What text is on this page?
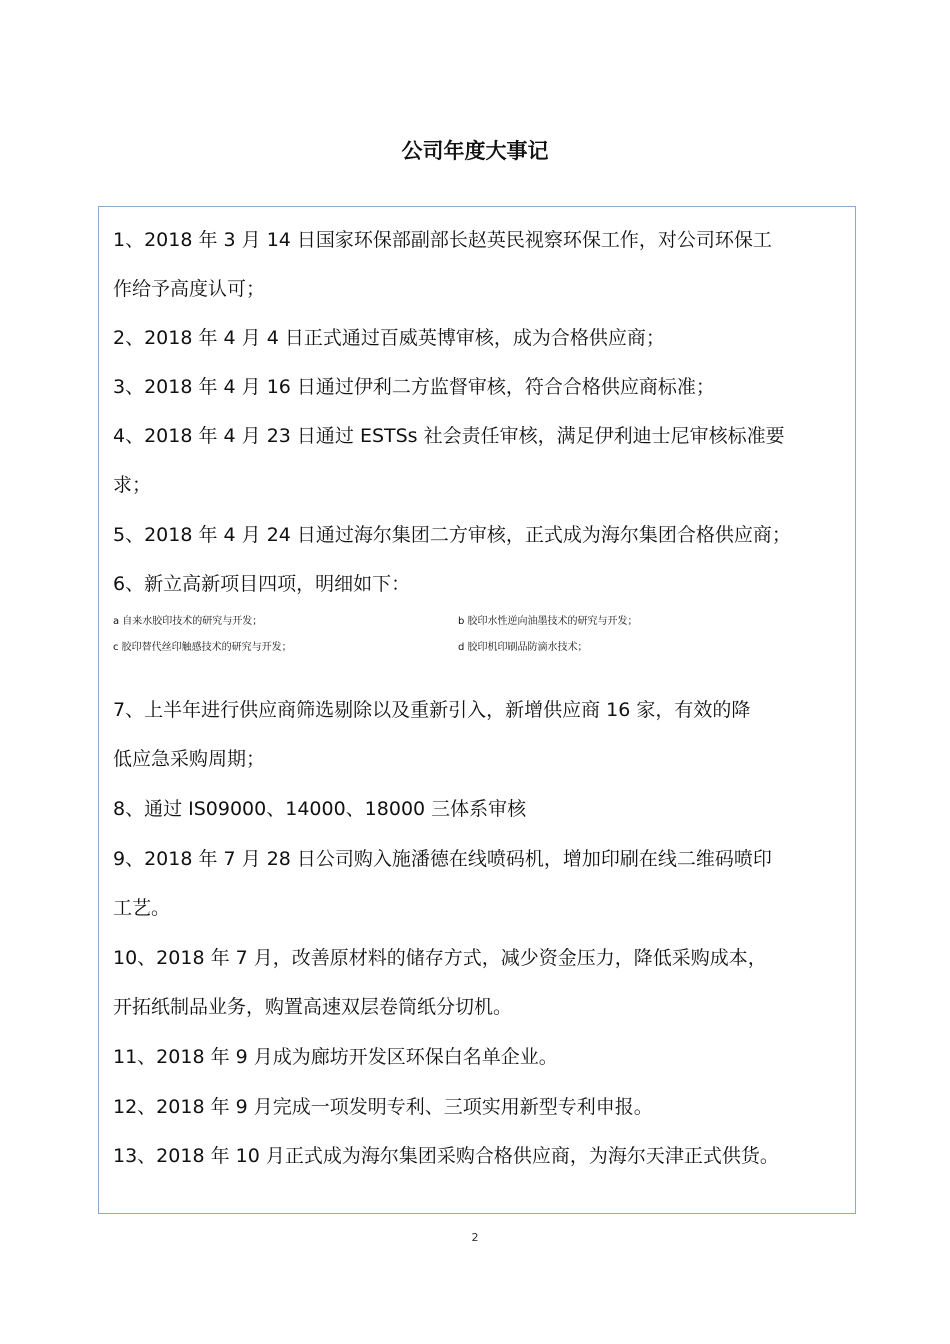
公司年度大事记
1、2018 年 3 月 14 日国家环保部副部长赵英民视察环保工作，对公司环保工
作给予高度认可；
2、2018 年 4 月 4 日正式通过百威英博审核，成为合格供应商；
3、2018 年 4 月 16 日通过伊利二方监督审核，符合合格供应商标准；
4、2018 年 4 月 23 日通过 ESTSs 社会责任审核，满足伊利迪士尼审核标准要
求；
5、2018 年 4 月 24 日通过海尔集团二方审核，正式成为海尔集团合格供应商；
6、新立高新项目四项，明细如下：
a 自来水胶印技术的研究与开发；	b 胶印水性逆向油墨技术的研究与开发；
c 胶印替代丝印触感技术的研究与开发；	d 胶印机印刷品防滴水技术；
7、上半年进行供应商筛选剔除以及重新引入，新增供应商 16 家，有效的降
低应急采购周期；
8、通过 IS09000、14000、18000 三体系审核
9、2018 年 7 月 28 日公司购入施潘德在线喷码机，增加印刷在线二维码喷印
工艺。
10、2018 年 7 月，改善原材料的储存方式，减少资金压力，降低采购成本，
开拓纸制品业务，购置高速双层卷筒纸分切机。
11、2018 年 9 月成为廊坊开发区环保白名单企业。
12、2018 年 9 月完成一项发明专利、三项实用新型专利申报。
13、2018 年 10 月正式成为海尔集团采购合格供应商，为海尔天津正式供货。
2
